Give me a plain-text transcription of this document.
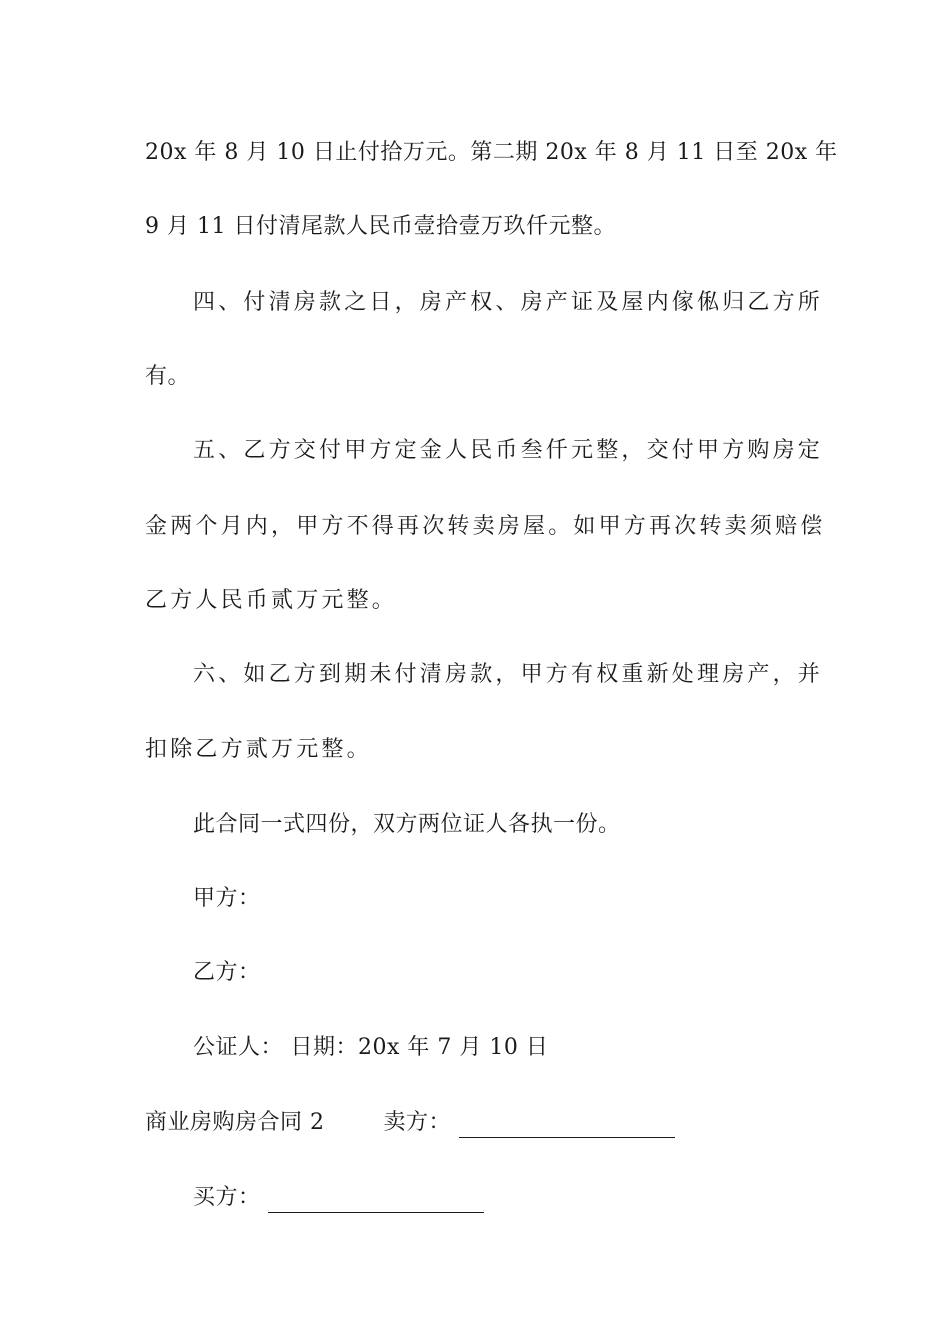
20x 年 8 月 10 日止付拾万元。第二期 20x 年 8 月 11 日至 20x 年
9 月 11 日付清尾款人民币壹拾壹万玖仟元整。
四、付清房款之日，房产权、房产证及屋内傢俬归乙方所
有。
五、乙方交付甲方定金人民币叁仟元整，交付甲方购房定
金两个月内，甲方不得再次转卖房屋。如甲方再次转卖须赔偿
乙方人民币贰万元整。
六、如乙方到期未付清房款，甲方有权重新处理房产，并
扣除乙方贰万元整。
此合同一式四份，双方两位证人各执一份。
甲方：
乙方：
公证人： 日期：20x 年 7 月 10 日
商业房购房合同 2	卖方：
买方：
